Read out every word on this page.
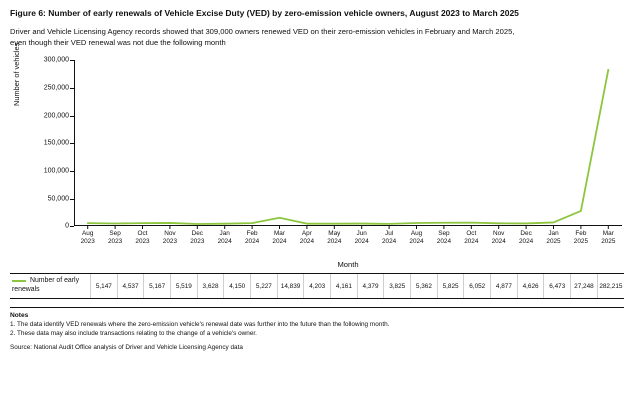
Figure 6: Number of early renewals of Vehicle Excise Duty (VED) by zero-emission vehicle owners, August 2023 to March 2025
Driver and Vehicle Licensing Agency records showed that 309,000 owners renewed VED on their zero-emission vehicles in February and March 2025, even though their VED renewal was not due the following month
Number of vehicles
0
50,000
100,000
150,000
200,000
250,000
300,000
Aug
2023
Sep
2023
Oct
2023
Nov
2023
Dec
2023
Jan
2024
Feb
2024
Mar
2024
Apr
2024
May
2024
Jun
2024
Jul
2024
Aug
2024
Sep
2024
Oct
2024
Nov
2024
Dec
2024
Jan
2025
Feb
2025
Mar
2025
Month
Number of early renewals	5,147	4,537	5,167	5,519	3,628	4,150	5,227	14,839	4,203	4,161	4,379	3,825	5,362	5,825	6,052	4,877	4,626	6,473	27,248	282,215
Notes
1. The data identify VED renewals where the zero-emission vehicle's renewal date was further into the future than the following month.
2. These data may also include transactions relating to the change of a vehicle's owner.
Source: National Audit Office analysis of Driver and Vehicle Licensing Agency data
